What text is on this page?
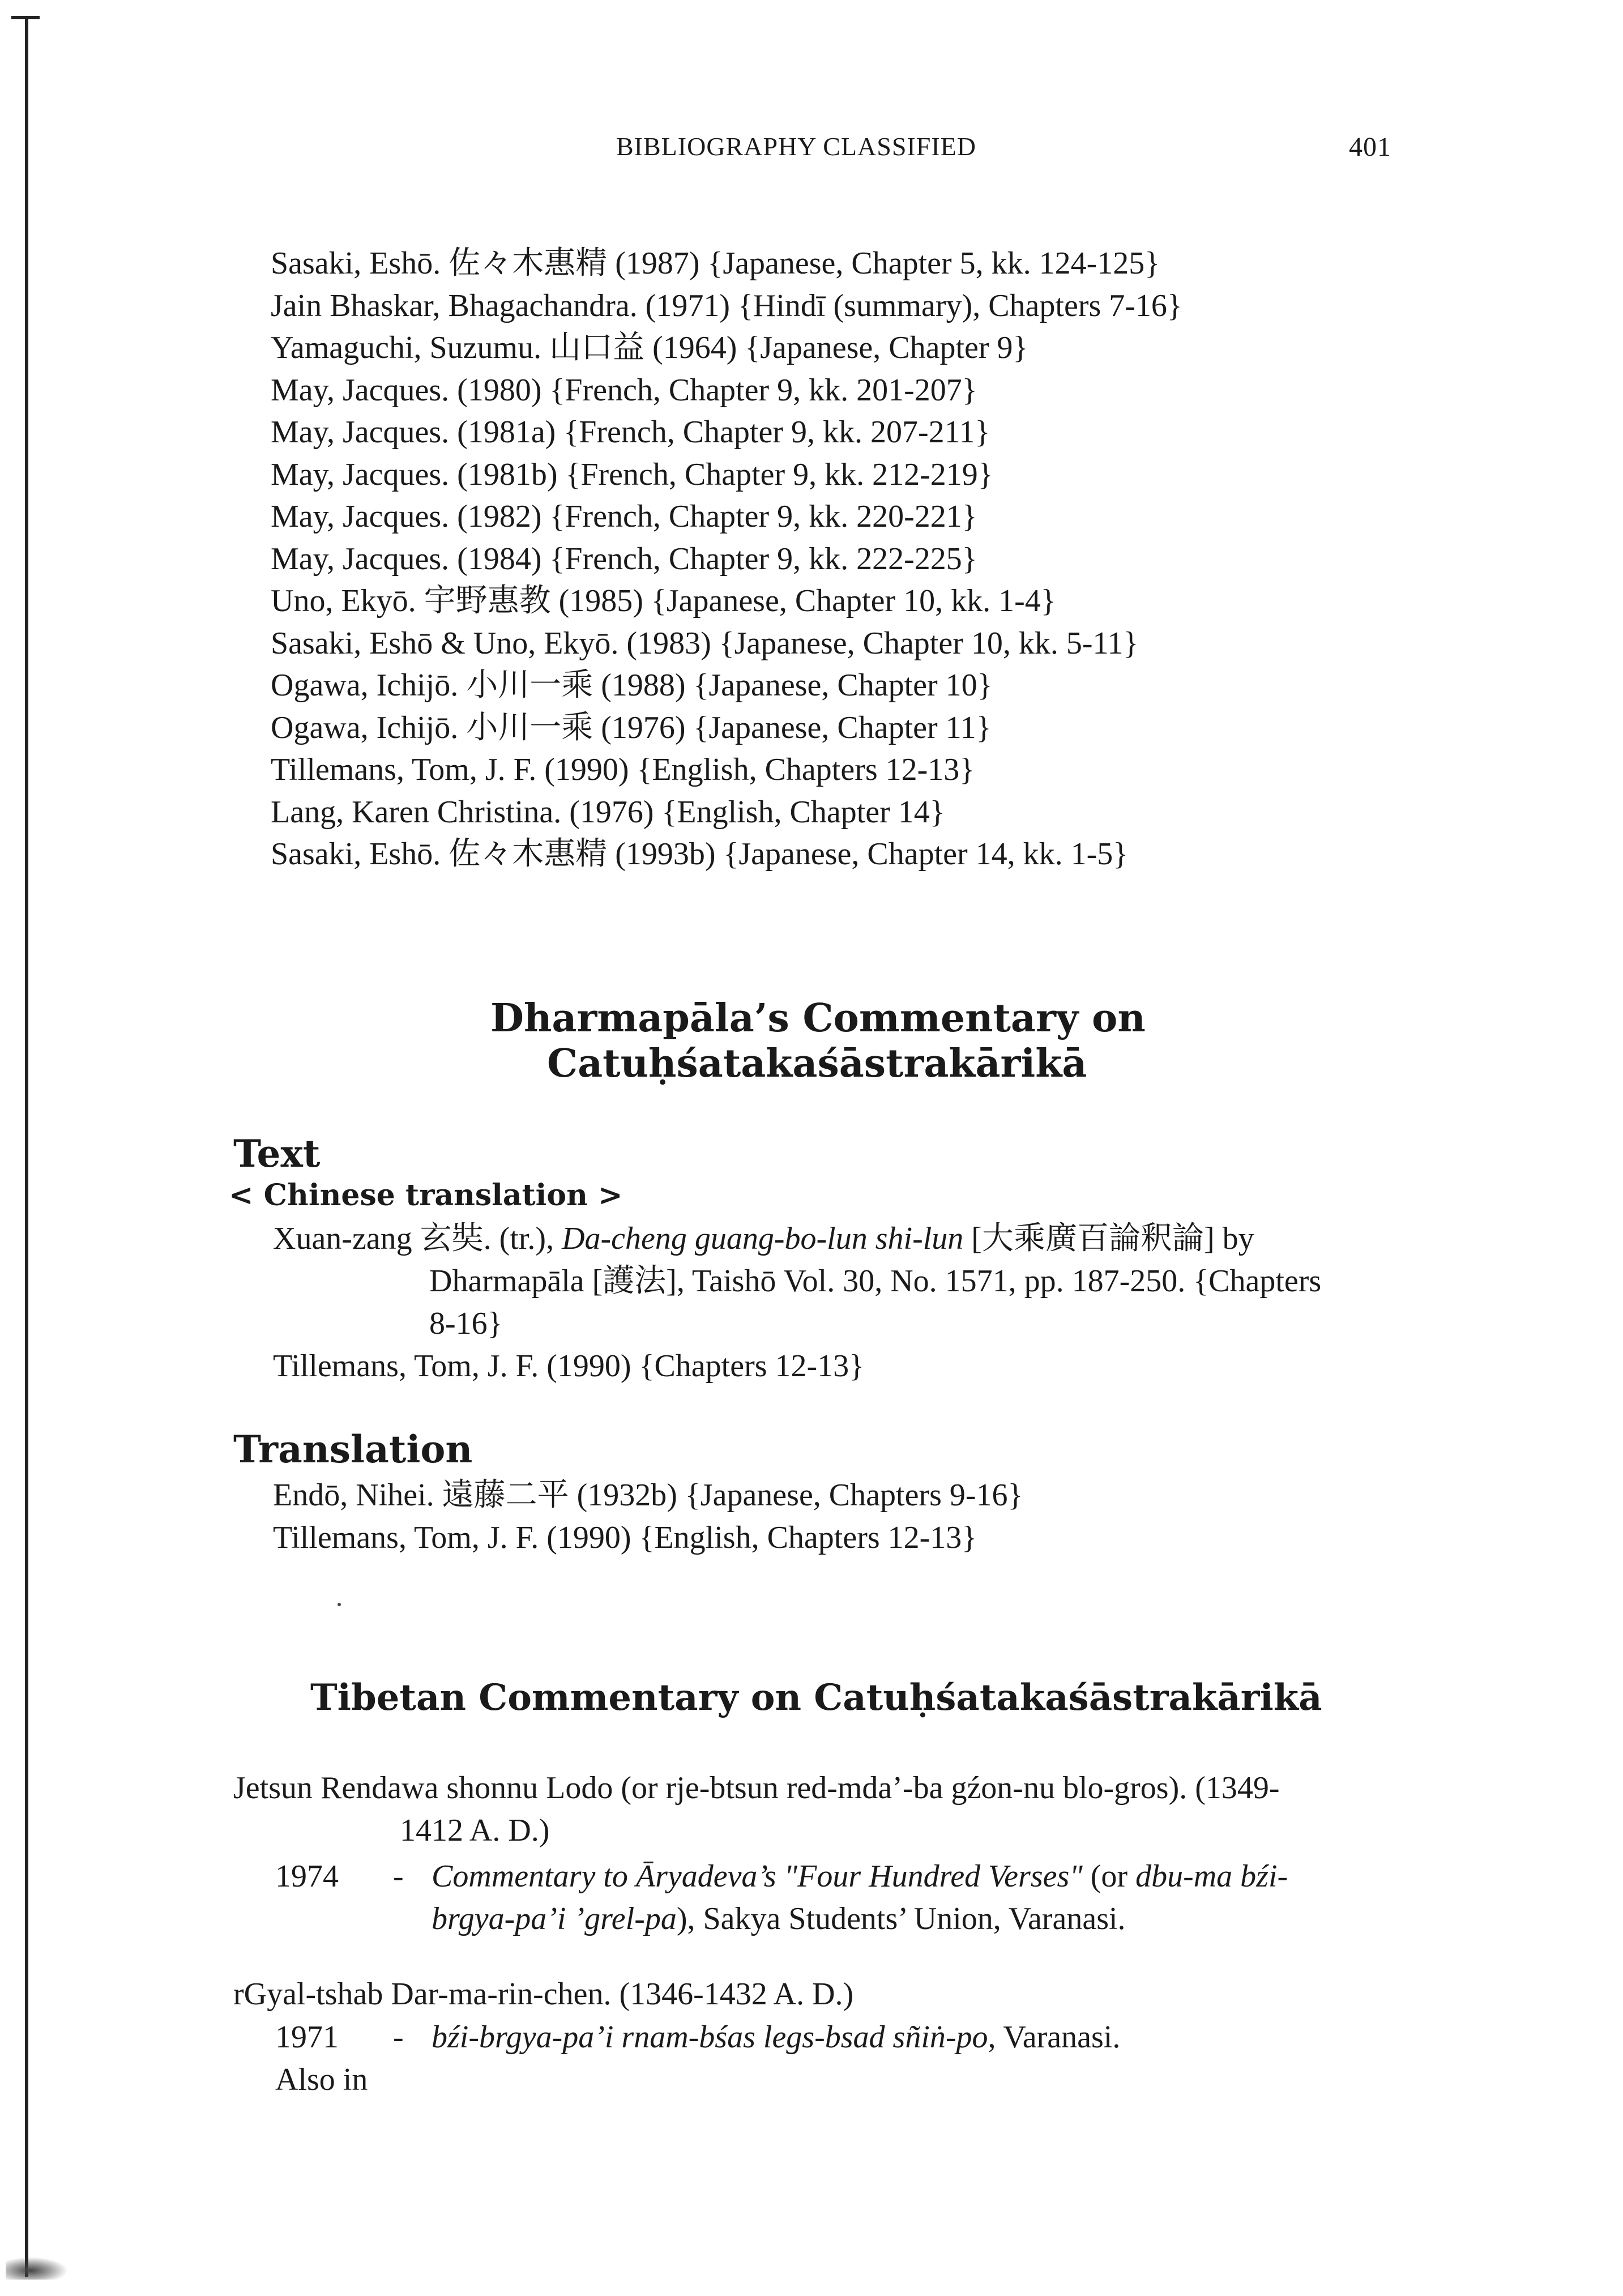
BIBLIOGRAPHY CLASSIFIED	401
Sasaki, Eshō. 佐々木惠精 (1987) {Japanese, Chapter 5, kk. 124-125}
Jain Bhaskar, Bhagachandra. (1971) {Hindī (summary), Chapters 7-16}
Yamaguchi, Suzumu. 山口益 (1964) {Japanese, Chapter 9}
May, Jacques. (1980) {French, Chapter 9, kk. 201-207}
May, Jacques. (1981a) {French, Chapter 9, kk. 207-211}
May, Jacques. (1981b) {French, Chapter 9, kk. 212-219}
May, Jacques. (1982) {French, Chapter 9, kk. 220-221}
May, Jacques. (1984) {French, Chapter 9, kk. 222-225}
Uno, Ekyō. 宇野惠教 (1985) {Japanese, Chapter 10, kk. 1-4}
Sasaki, Eshō & Uno, Ekyō. (1983) {Japanese, Chapter 10, kk. 5-11}
Ogawa, Ichijō. 小川一乘 (1988) {Japanese, Chapter 10}
Ogawa, Ichijō. 小川一乘 (1976) {Japanese, Chapter 11}
Tillemans, Tom, J. F. (1990) {English, Chapters 12-13}
Lang, Karen Christina. (1976) {English, Chapter 14}
Sasaki, Eshō. 佐々木惠精 (1993b) {Japanese, Chapter 14, kk. 1-5}
Dharmapāla’s Commentary on
Catuḥśatakaśāstrakārikā
Text
< Chinese translation >
Xuan-zang 玄奘. (tr.), Da-cheng guang-bo-lun shi-lun [大乘廣百論釈論] by
Dharmapāla [護法], Taishō Vol. 30, No. 1571, pp. 187-250. {Chapters
8-16}
Tillemans, Tom, J. F. (1990) {Chapters 12-13}
Translation
Endō, Nihei. 遠藤二平 (1932b) {Japanese, Chapters 9-16}
Tillemans, Tom, J. F. (1990) {English, Chapters 12-13}
Tibetan Commentary on Catuḥśatakaśāstrakārikā
Jetsun Rendawa shonnu Lodo (or rje-btsun red-mda’-ba gźon-nu blo-gros). (1349-
1412 A. D.)
1974 - Commentary to Āryadeva’s "Four Hundred Verses" (or dbu-ma bźi-
brgya-pa’i ’grel-pa), Sakya Students’ Union, Varanasi.
rGyal-tshab Dar-ma-rin-chen. (1346-1432 A. D.)
1971 - bźi-brgya-pa’i rnam-bśas legs-bsad sñiṅ-po, Varanasi.
Also in
